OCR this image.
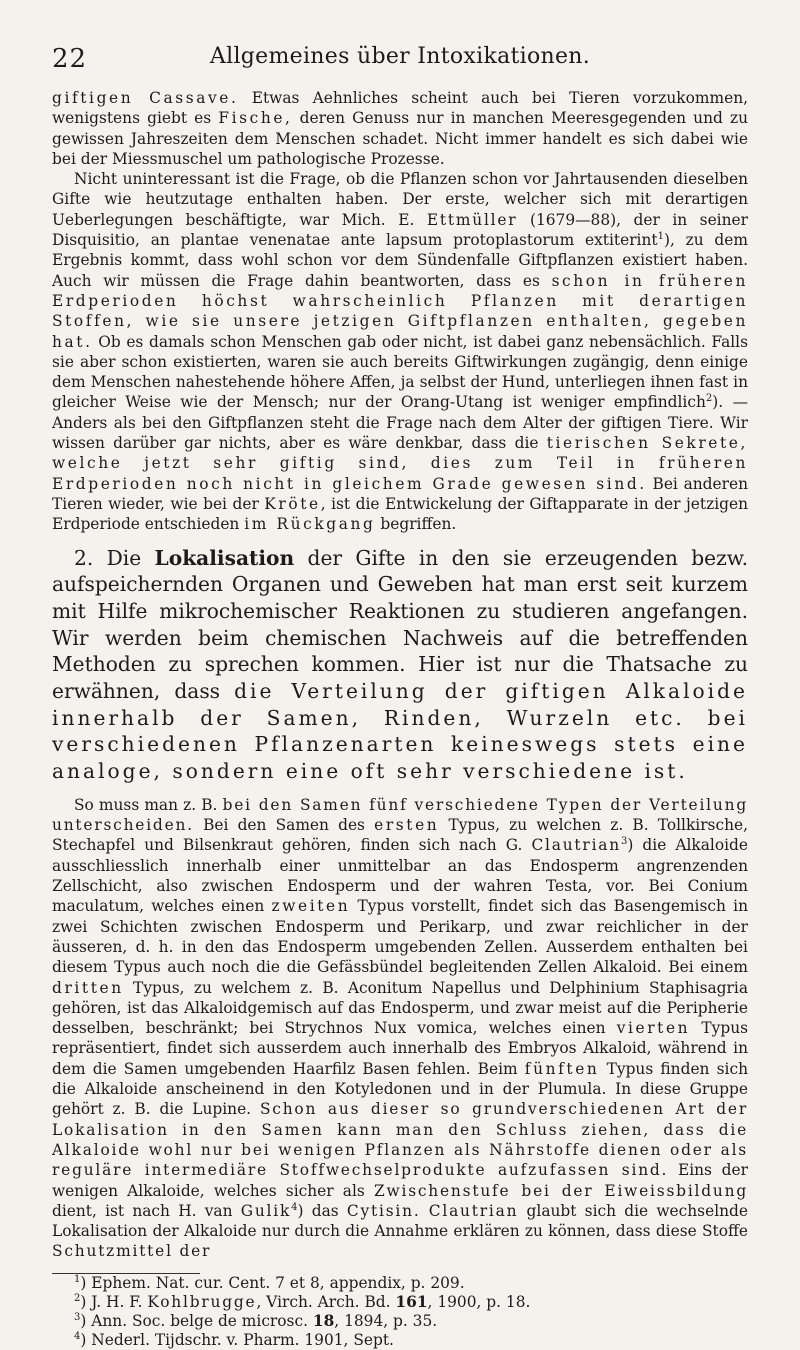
22	Allgemeines über Intoxikationen.

giftigen Cassave. Etwas Aehnliches scheint auch bei Tieren vorzukommen, wenigstens giebt es Fische, deren Genuss nur in manchen Meeresgegenden und zu gewissen Jahreszeiten dem Menschen schadet. Nicht immer handelt es sich dabei wie bei der Miessmuschel um pathologische Prozesse.

Nicht uninteressant ist die Frage, ob die Pflanzen schon vor Jahrtausenden dieselben Gifte wie heutzutage enthalten haben. Der erste, welcher sich mit derartigen Ueberlegungen beschäftigte, war Mich. E. Ettmüller (1679—88), der in seiner Disquisitio, an plantae venenatae ante lapsum protoplastorum extiterint$^1$), zu dem Ergebnis kommt, dass wohl schon vor dem Sündenfalle Giftpflanzen existiert haben. Auch wir müssen die Frage dahin beantworten, dass es schon in früheren Erdperioden höchst wahrscheinlich Pflanzen mit derartigen Stoffen, wie sie unsere jetzigen Giftpflanzen enthalten, gegeben hat. Ob es damals schon Menschen gab oder nicht, ist dabei ganz nebensächlich. Falls sie aber schon existierten, waren sie auch bereits Giftwirkungen zugängig, denn einige dem Menschen nahestehende höhere Affen, ja selbst der Hund, unterliegen ihnen fast in gleicher Weise wie der Mensch; nur der Orang-Utang ist weniger empfindlich$^2$). — Anders als bei den Giftpflanzen steht die Frage nach dem Alter der giftigen Tiere. Wir wissen darüber gar nichts, aber es wäre denkbar, dass die tierischen Sekrete, welche jetzt sehr giftig sind, dies zum Teil in früheren Erdperioden noch nicht in gleichem Grade gewesen sind. Bei anderen Tieren wieder, wie bei der Kröte, ist die Entwickelung der Giftapparate in der jetzigen Erdperiode entschieden im Rückgang begriffen.

2. Die Lokalisation der Gifte in den sie erzeugenden bezw. aufspeichernden Organen und Geweben hat man erst seit kurzem mit Hilfe mikrochemischer Reaktionen zu studieren angefangen. Wir werden beim chemischen Nachweis auf die betreffenden Methoden zu sprechen kommen. Hier ist nur die Thatsache zu erwähnen, dass die Verteilung der giftigen Alkaloide innerhalb der Samen, Rinden, Wurzeln etc. bei verschiedenen Pflanzenarten keineswegs stets eine analoge, sondern eine oft sehr verschiedene ist.

So muss man z. B. bei den Samen fünf verschiedene Typen der Verteilung unterscheiden. Bei den Samen des ersten Typus, zu welchen z. B. Tollkirsche, Stechapfel und Bilsenkraut gehören, finden sich nach G. Clautrian$^3$) die Alkaloide ausschliesslich innerhalb einer unmittelbar an das Endosperm angrenzenden Zellschicht, also zwischen Endosperm und der wahren Testa, vor. Bei Conium maculatum, welches einen zweiten Typus vorstellt, findet sich das Basengemisch in zwei Schichten zwischen Endosperm und Perikarp, und zwar reichlicher in der äusseren, d. h. in den das Endosperm umgebenden Zellen. Ausserdem enthalten bei diesem Typus auch noch die die Gefässbündel begleitenden Zellen Alkaloid. Bei einem dritten Typus, zu welchem z. B. Aconitum Napellus und Delphinium Staphisagria gehören, ist das Alkaloidgemisch auf das Endosperm, und zwar meist auf die Peripherie desselben, beschränkt; bei Strychnos Nux vomica, welches einen vierten Typus repräsentiert, findet sich ausserdem auch innerhalb des Embryos Alkaloid, während in dem die Samen umgebenden Haarfilz Basen fehlen. Beim fünften Typus finden sich die Alkaloide anscheinend in den Kotyledonen und in der Plumula. In diese Gruppe gehört z. B. die Lupine. Schon aus dieser so grundverschiedenen Art der Lokalisation in den Samen kann man den Schluss ziehen, dass die Alkaloide wohl nur bei wenigen Pflanzen als Nährstoffe dienen oder als reguläre intermediäre Stoffwechselprodukte aufzufassen sind. Eins der wenigen Alkaloide, welches sicher als Zwischenstufe bei der Eiweissbildung dient, ist nach H. van Gulik$^4$) das Cytisin. Clautrian glaubt sich die wechselnde Lokalisation der Alkaloide nur durch die Annahme erklären zu können, dass diese Stoffe Schutzmittel der

$^1$) Ephem. Nat. cur. Cent. 7 et 8, appendix, p. 209.
$^2$) J. H. F. Kohlbrugge, Virch. Arch. Bd. 161, 1900, p. 18.
$^3$) Ann. Soc. belge de microsc. 18, 1894, p. 35.
$^4$) Nederl. Tijdschr. v. Pharm. 1901, Sept.
